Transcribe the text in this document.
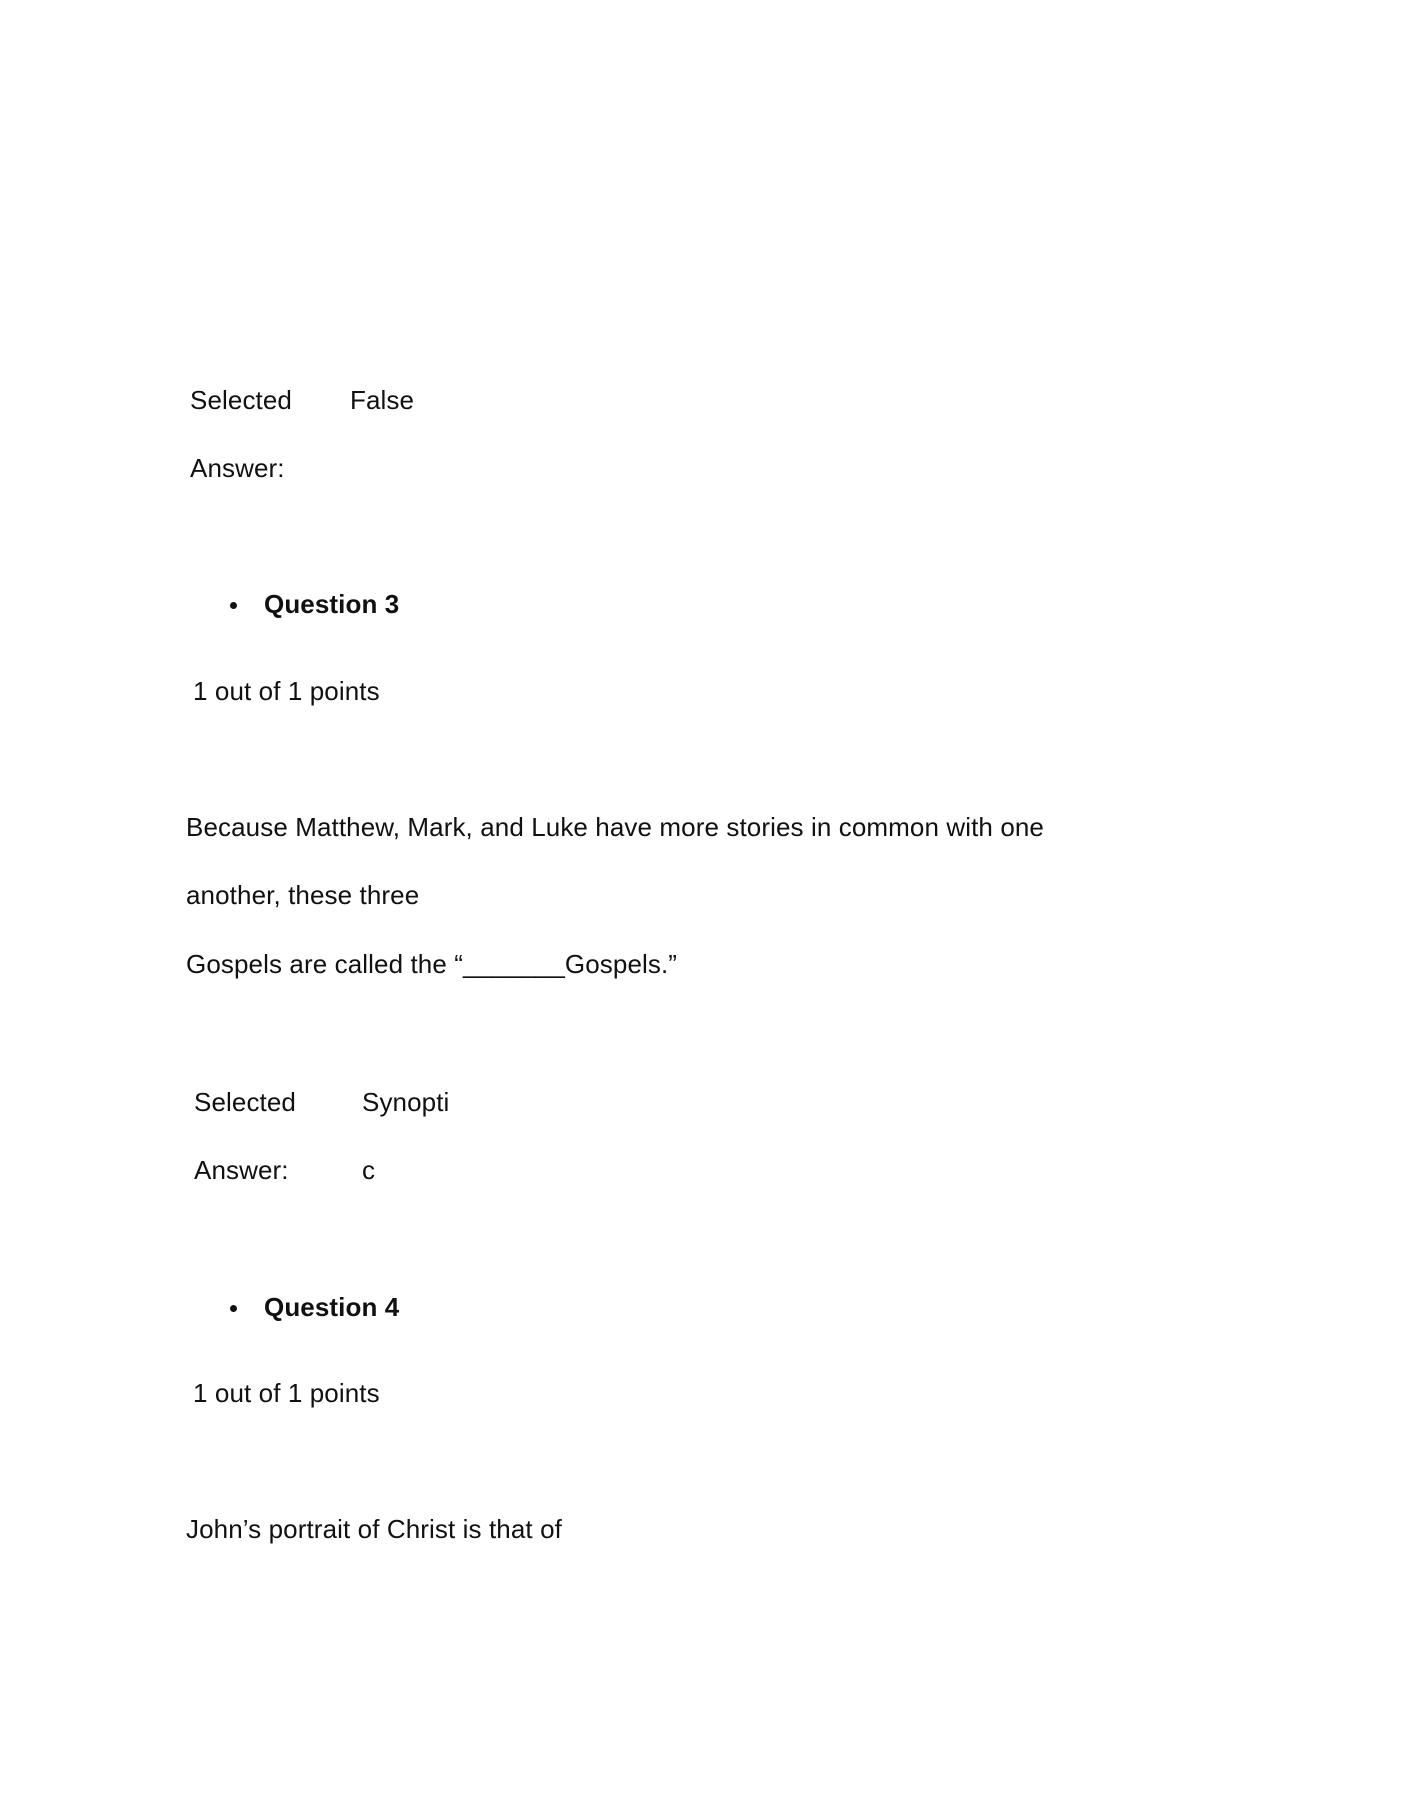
Selected False
Answer:
Question 3
1 out of 1 points
Because Matthew, Mark, and Luke have more stories in common with one
another, these three
Gospels are called the “_______Gospels.”
Selected	Synopti
Answer:	c
Question 4
1 out of 1 points
John’s portrait of Christ is that of
